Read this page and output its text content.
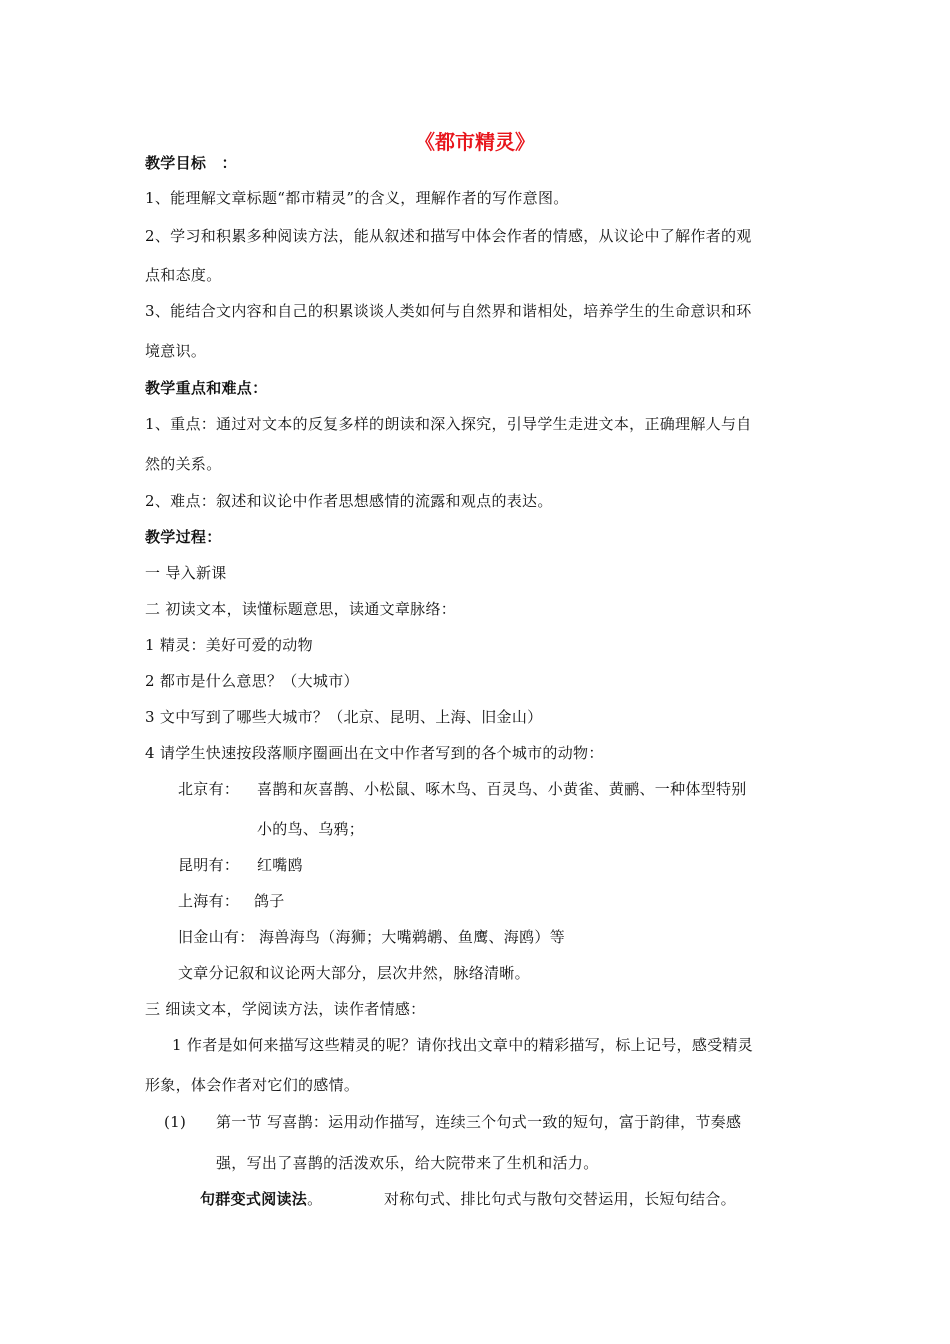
《都市精灵》
教学目标　：
1、能理解文章标题“都市精灵”的含义，理解作者的写作意图。
2、学习和积累多种阅读方法，能从叙述和描写中体会作者的情感，从议论中了解作者的观
点和态度。
3、能结合文内容和自己的积累谈谈人类如何与自然界和谐相处，培养学生的生命意识和环
境意识。
教学重点和难点：
1、重点：通过对文本的反复多样的朗读和深入探究，引导学生走进文本，正确理解人与自
然的关系。
2、难点：叙述和议论中作者思想感情的流露和观点的表达。
教学过程：
一 导入新课
二 初读文本，读懂标题意思，读通文章脉络：
1 精灵：美好可爱的动物
2 都市是什么意思？（大城市）
3 文中写到了哪些大城市？（北京、昆明、上海、旧金山）
4 请学生快速按段落顺序圈画出在文中作者写到的各个城市的动物：
北京有： 喜鹊和灰喜鹊、小松鼠、啄木鸟、百灵鸟、小黄雀、黄鹂、一种体型特别
小的鸟、乌鸦；
昆明有： 红嘴鸥
上海有： 鸽子
旧金山有： 海兽海鸟（海狮；大嘴鹈鹕、鱼鹰、海鸥）等
文章分记叙和议论两大部分，层次井然，脉络清晰。
三 细读文本，学阅读方法，读作者情感：
1 作者是如何来描写这些精灵的呢？请你找出文章中的精彩描写，标上记号，感受精灵
形象，体会作者对它们的感情。
(1) 第一节 写喜鹊：运用动作描写，连续三个句式一致的短句，富于韵律，节奏感
强，写出了喜鹊的活泼欢乐，给大院带来了生机和活力。
句群变式阅读法。	对称句式、排比句式与散句交替运用，长短句结合。
